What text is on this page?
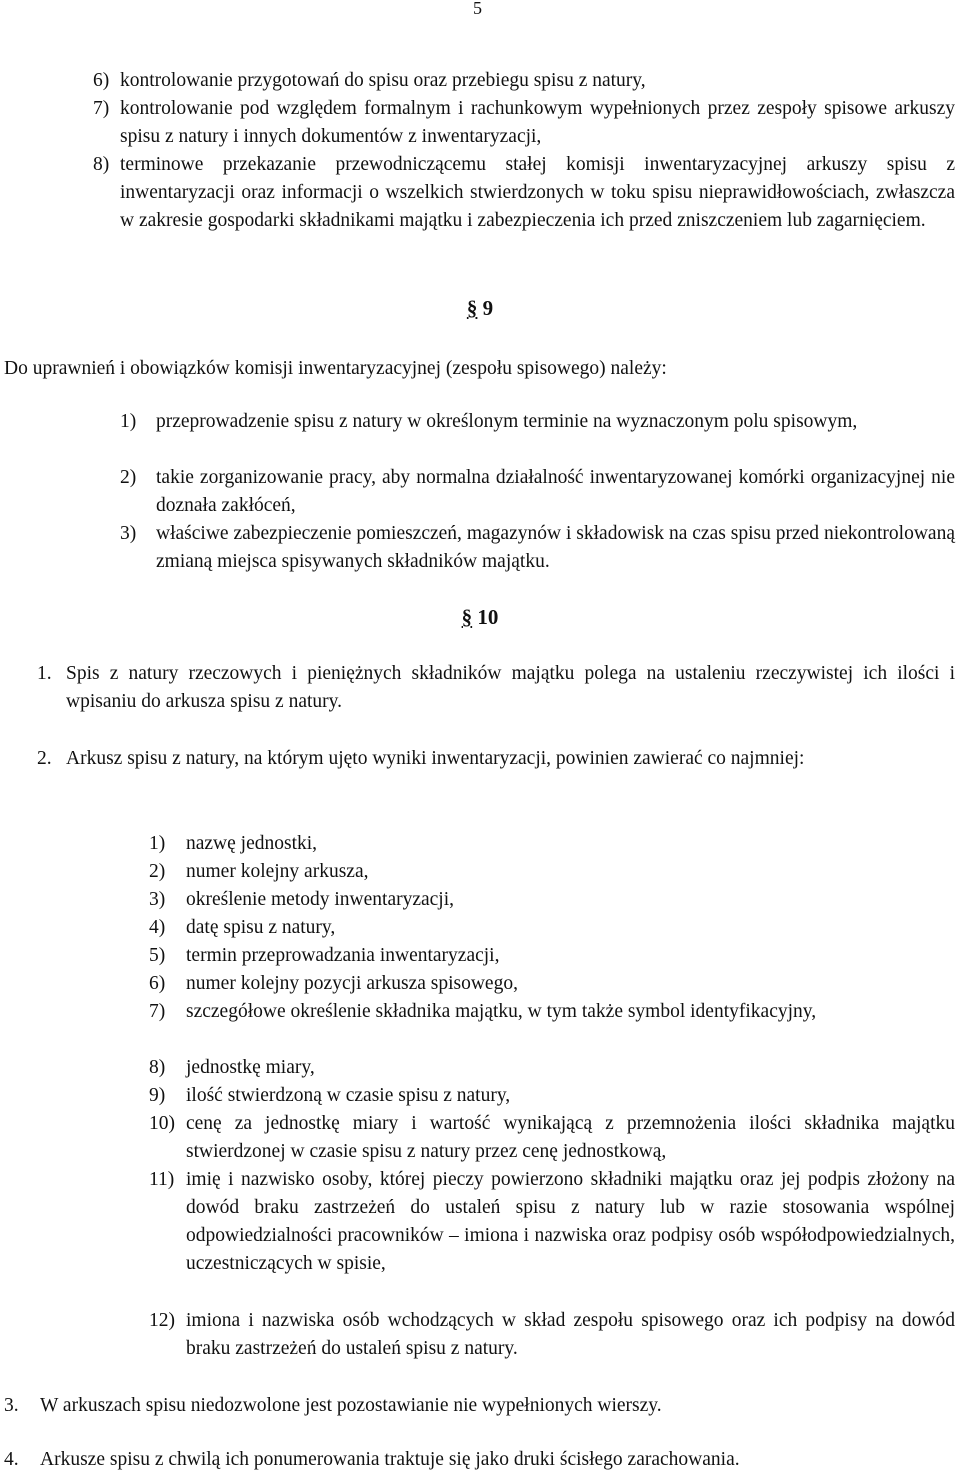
5
6) kontrolowanie przygotowań do spisu oraz przebiegu spisu z natury,
7) kontrolowanie pod względem formalnym i rachunkowym wypełnionych przez zespoły spisowe arkuszy spisu z natury i innych dokumentów z inwentaryzacji,
8) terminowe przekazanie przewodniczącemu stałej komisji inwentaryzacyjnej arkuszy spisu z inwentaryzacji oraz informacji o wszelkich stwierdzonych w toku spisu nieprawidłowościach, zwłaszcza w zakresie gospodarki składnikami majątku i zabezpieczenia ich przed zniszczeniem lub zagarnięciem.
§ 9
Do uprawnień i obowiązków komisji inwentaryzacyjnej (zespołu spisowego) należy:
1)	przeprowadzenie spisu z natury w określonym terminie na wyznaczonym polu spisowym,
2)	takie zorganizowanie pracy, aby normalna działalność inwentaryzowanej komórki organizacyjnej nie doznała zakłóceń,
3)	właściwe zabezpieczenie pomieszczeń, magazynów i składowisk na czas spisu przed niekontrolowaną zmianą miejsca spisywanych składników majątku.
§ 10
1. Spis z natury rzeczowych i pieniężnych składników majątku polega na ustaleniu rzeczywistej ich ilości i wpisaniu do arkusza spisu z natury.
2. Arkusz spisu z natury, na którym ujęto wyniki inwentaryzacji, powinien zawierać co najmniej:
1)	nazwę jednostki,
2)	numer kolejny arkusza,
3)	określenie metody inwentaryzacji,
4)	datę spisu z natury,
5)	termin przeprowadzania inwentaryzacji,
6)	numer kolejny pozycji arkusza spisowego,
7)	szczegółowe określenie składnika majątku, w tym także symbol identyfikacyjny,
8)	jednostkę miary,
9)	ilość stwierdzoną w czasie spisu z natury,
10) cenę za jednostkę miary i wartość wynikającą z przemnożenia ilości składnika majątku stwierdzonej w czasie spisu z natury przez cenę jednostkową,
11) imię i nazwisko osoby, której pieczy powierzono składniki majątku oraz jej podpis złożony na dowód braku zastrzeżeń do ustaleń spisu z natury lub w razie stosowania wspólnej odpowiedzialności pracowników – imiona i nazwiska oraz podpisy osób współodpowiedzialnych, uczestniczących w spisie,
12) imiona i nazwiska osób wchodzących w skład zespołu spisowego oraz ich podpisy na dowód braku zastrzeżeń do ustaleń spisu z natury.
3.	W arkuszach spisu niedozwolone jest pozostawianie nie wypełnionych wierszy.
4.	Arkusze spisu z chwilą ich ponumerowania traktuje się jako druki ścisłego zarachowania.
